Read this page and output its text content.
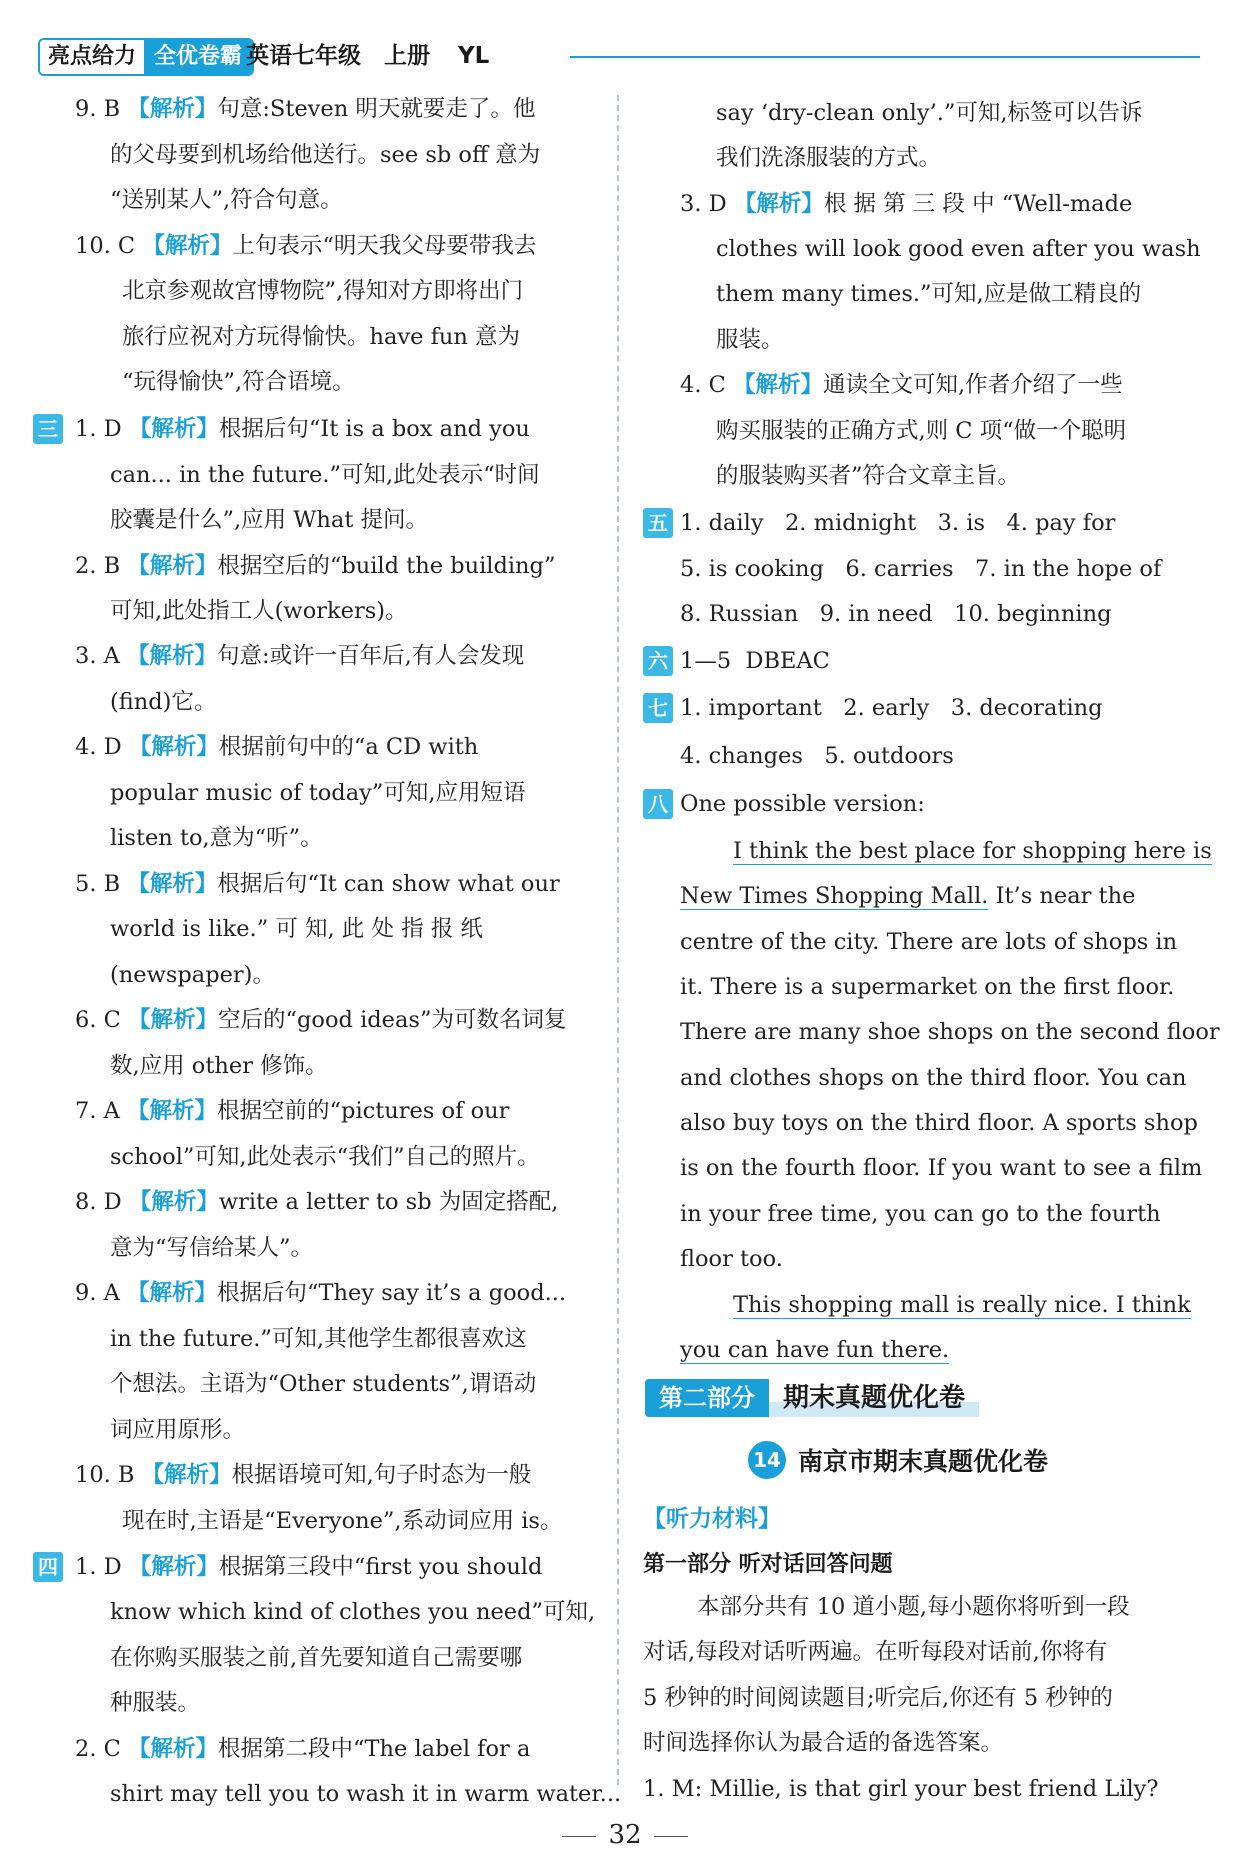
亮点给力 全优卷霸 英语七年级 上册 YL
9. B 【解析】句意:Steven 明天就要走了。他
的父母要到机场给他送行。see sb off 意为
“送别某人”,符合句意。
10. C 【解析】上句表示“明天我父母要带我去
北京参观故宫博物院”,得知对方即将出门
旅行应祝对方玩得愉快。have fun 意为
“玩得愉快”,符合语境。
三 1. D 【解析】根据后句“It is a box and you
can... in the future.”可知,此处表示“时间
胶囊是什么”,应用 What 提问。
2. B 【解析】根据空后的“build the building”
可知,此处指工人(workers)。
3. A 【解析】句意:或许一百年后,有人会发现
(find)它。
4. D 【解析】根据前句中的“a CD with
popular music of today”可知,应用短语
listen to,意为“听”。
5. B 【解析】根据后句“It can show what our
world is like.” 可 知, 此 处 指 报 纸
(newspaper)。
6. C 【解析】空后的“good ideas”为可数名词复
数,应用 other 修饰。
7. A 【解析】根据空前的“pictures of our
school”可知,此处表示“我们”自己的照片。
8. D 【解析】write a letter to sb 为固定搭配,
意为“写信给某人”。
9. A 【解析】根据后句“They say it’s a good...
in the future.”可知,其他学生都很喜欢这
个想法。主语为“Other students”,谓语动
词应用原形。
10. B 【解析】根据语境可知,句子时态为一般
现在时,主语是“Everyone”,系动词应用 is。
四 1. D 【解析】根据第三段中“first you should
know which kind of clothes you need”可知,
在你购买服装之前,首先要知道自己需要哪
种服装。
2. C 【解析】根据第二段中“The label for a
shirt may tell you to wash it in warm water...
say ‘dry-clean only’.”可知,标签可以告诉
我们洗涤服装的方式。
3. D 【解析】根 据 第 三 段 中 “Well-made
clothes will look good even after you wash
them many times.”可知,应是做工精良的
服装。
4. C 【解析】通读全文可知,作者介绍了一些
购买服装的正确方式,则 C 项“做一个聪明
的服装购买者”符合文章主旨。
五 1. daily   2. midnight   3. is   4. pay for
5. is cooking   6. carries   7. in the hope of
8. Russian   9. in need   10. beginning
六 1—5  DBEAC
七 1. important   2. early   3. decorating
4. changes   5. outdoors
八 One possible version:
I think the best place for shopping here is
New Times Shopping Mall. It’s near the
centre of the city. There are lots of shops in
it. There is a supermarket on the first floor.
There are many shoe shops on the second floor
and clothes shops on the third floor. You can
also buy toys on the third floor. A sports shop
is on the fourth floor. If you want to see a film
in your free time, you can go to the fourth
floor too.
This shopping mall is really nice. I think
you can have fun there.
第二部分	期末真题优化卷
14 南京市期末真题优化卷
【听力材料】
第一部分 听对话回答问题
本部分共有 10 道小题,每小题你将听到一段
对话,每段对话听两遍。在听每段对话前,你将有
5 秒钟的时间阅读题目;听完后,你还有 5 秒钟的
时间选择你认为最合适的备选答案。
1. M: Millie, is that girl your best friend Lily?
32
